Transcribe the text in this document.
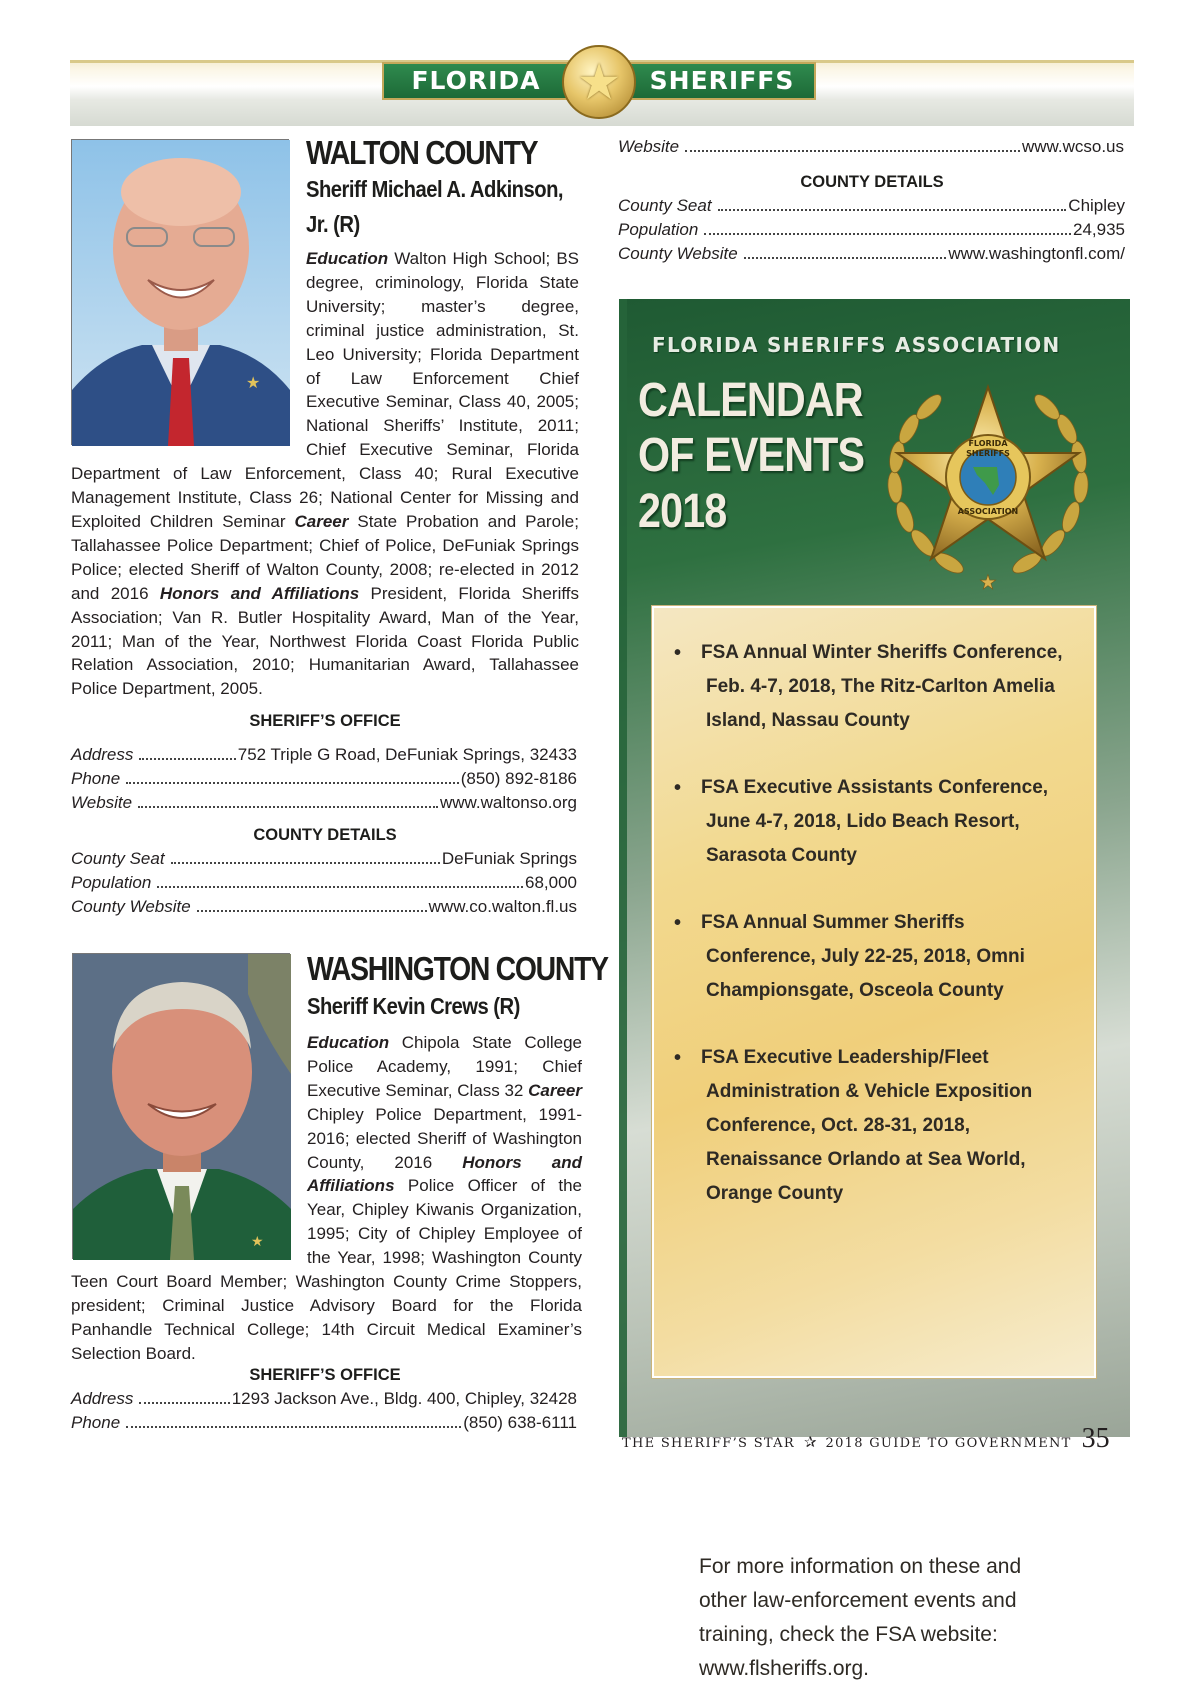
FLORIDA	SHERIFFS
★
★
WALTON COUNTY
Sheriff Michael A. Adkinson,
Jr. (R)
Education Walton High School; BS degree, criminology, Florida State University; master’s degree, criminal justice administration, St. Leo University; Florida Department of Law Enforcement Chief Executive Seminar, Class 40, 2005; National Sheriffs’ Institute, 2011; Chief Executive Seminar, Florida Department of Law Enforcement, Class 40; Rural Executive Management Institute, Class 26; National Center for Missing and Exploited Children Seminar Career State Probation and Parole; Tallahassee Police Department; Chief of Police, DeFuniak Springs Police; elected Sheriff of Walton County, 2008; re-elected in 2012 and 2016 Honors and Affiliations President, Florida Sheriffs Association; Van R. Butler Hospitality Award, Man of the Year, 2011; Man of the Year, Northwest Florida Coast Florida Public Relation Association, 2010; Humanitarian Award, Tallahassee Police Department, 2005.
SHERIFF’S OFFICE
Address	752 Triple G Road, DeFuniak Springs, 32433
Phone	(850) 892-8186
Website	www.waltonso.org
COUNTY DETAILS
County Seat	DeFuniak Springs
Population	68,000
County Website	www.co.walton.fl.us
★
WASHINGTON COUNTY
Sheriff Kevin Crews (R)
Education Chipola State College Police Academy, 1991; Chief Executive Seminar, Class 32 Career Chipley Police Department, 1991-2016; elected Sheriff of Washington County, 2016 Honors and Affiliations Police Officer of the Year, Chipley Kiwanis Organization, 1995; City of Chipley Employee of the Year, 1998; Washington County Teen Court Board Member; Washington County Crime Stoppers, president; Criminal Justice Advisory Board for the Florida Panhandle Technical College; 14th Circuit Medical Examiner’s Selection Board.
SHERIFF’S OFFICE
Address	1293 Jackson Ave., Bldg. 400, Chipley, 32428
Phone	(850) 638-6111
Website	www.wcso.us
COUNTY DETAILS
County Seat	Chipley
Population	24,935
County Website	www.washingtonfl.com/
FLORIDA SHERIFFS ASSOCIATION
CALENDAR
OF EVENTS
2018
FLORIDA
SHERIFFS
ASSOCIATION
★
• FSA Annual Winter Sheriffs Conference,
Feb. 4-7, 2018, The Ritz-Carlton Amelia
Island, Nassau County
• FSA Executive Assistants Conference,
June 4-7, 2018, Lido Beach Resort,
Sarasota County
• FSA Annual Summer Sheriffs
Conference, July 22-25, 2018, Omni
Championsgate, Osceola County
• FSA Executive Leadership/Fleet
Administration & Vehicle Exposition
Conference, Oct. 28-31, 2018,
Renaissance Orlando at Sea World,
Orange County
For more information on these and
other law-enforcement events and
training, check the FSA website:
www.flsheriffs.org.
THE SHERIFF’S STAR ✰ 2018 GUIDE TO GOVERNMENT 35
